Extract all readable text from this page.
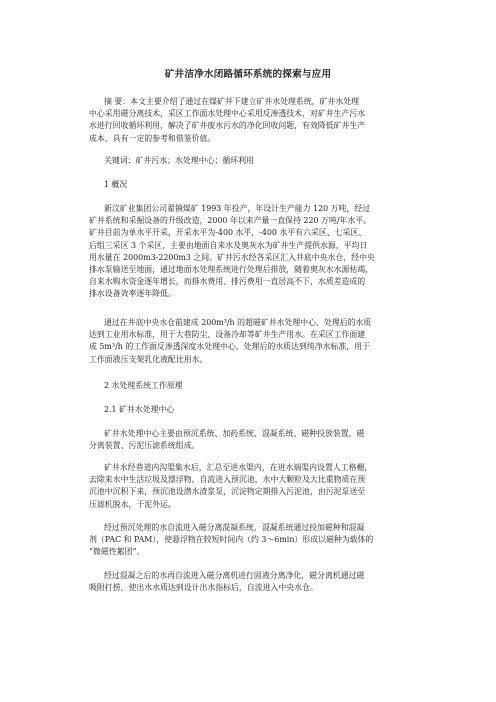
矿井洁净水闭路循环系统的探索与应用
摘 要：本文主要介绍了通过在煤矿井下建立矿井水处理系统，矿井水处理
中心采用磁分离技术，采区工作面水处理中心采用反渗透技术，对矿井生产污水
水进行回收循环利用，解决了矿井废水污水的净化回收问题，有效降低矿井生产
成本，具有一定的参考和借鉴价值。
关键词：矿井污水；水处理中心；循环利用
1 概况
新汶矿业集团公司翟镇煤矿 1993 年投产，年设计生产能力 120 万吨，经过
矿井系统和采掘设备的升级改造，2000 年以来产量一直保持 220 万吨/年水平。
矿井目前为单水平开采，开采水平为-400 水平，-400 水平有六采区、七采区、
后组三采区 3 个采区，主要由地面自来水及奥灰水为矿井生产提供水源，平均日
用水量在 2000m3-2200m3 之间。矿井污水经各采区汇入井底中央水仓，经中央
排水泵输送至地面，通过地面水处理系统进行处理后排放，随着奥灰水水源枯竭，
自来水购水资金逐年增长，而排水费用、排污费用一直居高不下，水质差造成的
排水设备效率逐年降低。
通过在井底中央水仓前建成 200m³/h 的超磁矿井水处理中心，处理后的水质
达到工业用水标准，用于大巷防尘、设备冷却等矿井生产用水。在采区工作面建
成 5m³/h 的工作面反渗透深度水处理中心，处理后的水质达到纯净水标准，用于
工作面液压支架乳化液配比用水。
2 水处理系统工作原理
2.1 矿井水处理中心
矿井水处理中心主要由预沉系统、加药系统、混凝系统、磁种投放装置，磁
分离装置、污泥压滤系统组成。
矿井水经巷道内沟渠集水后，汇总至进水渠内，在进水端渠内设置人工格栅，
去除来水中生活垃圾及漂浮物，自流进入预沉池，水中大颗粒及大比重物质在预
沉池中沉积下来，预沉池设潜水渣浆泵，沉淀物定期排入污泥池，由污泥泵送至
压滤机脱水，干泥外运。
经过预沉处理的水自流进入磁分离混凝系统，混凝系统通过投加磁种和混凝
剂（PAC 和 PAM），使悬浮物在较短时间内（约 3～6min）形成以磁种为载体的
“微磁性絮团”。
经过混凝之后的水再自流进入磁分离机进行固液分离净化，磁分离机通过磁
吸附打捞，使出水水质达到设计出水指标后，自流进入中央水仓。
